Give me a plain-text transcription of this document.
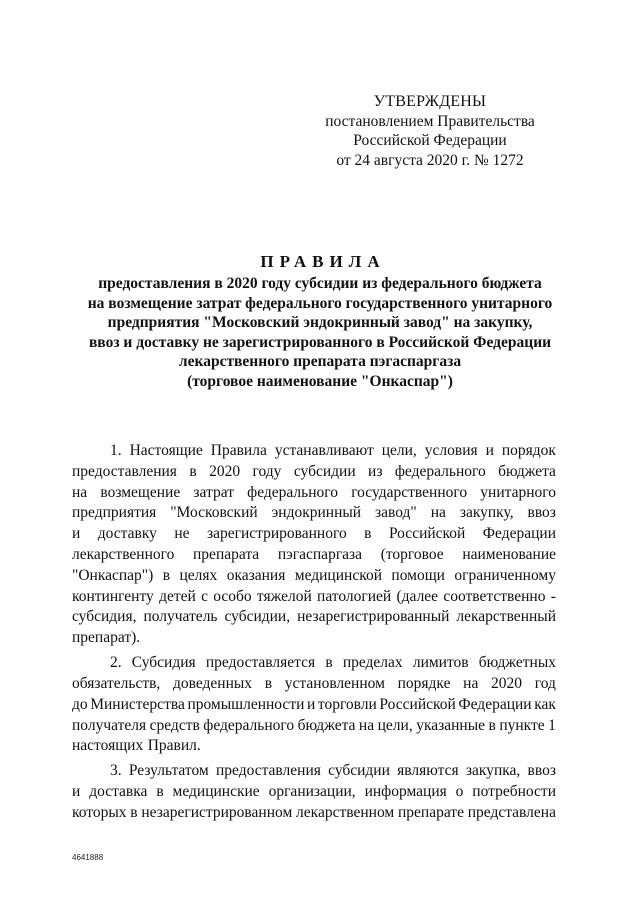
УТВЕРЖДЕНЫ
постановлением Правительства
Российской Федерации
от 24 августа 2020 г. № 1272
ПРАВИЛА
предоставления в 2020 году субсидии из федерального бюджета
на возмещение затрат федерального государственного унитарного
предприятия "Московский эндокринный завод" на закупку,
ввоз и доставку не зарегистрированного в Российской Федерации
лекарственного препарата пэгаспаргаза
(торговое наименование "Онкаспар")
1. Настоящие Правила устанавливают цели, условия и порядок
предоставления в 2020 году субсидии из федерального бюджета
на возмещение затрат федерального государственного унитарного
предприятия "Московский эндокринный завод" на закупку, ввоз
и доставку не зарегистрированного в Российской Федерации
лекарственного препарата пэгаспаргаза (торговое наименование
"Онкаспар") в целях оказания медицинской помощи ограниченному
контингенту детей с особо тяжелой патологией (далее соответственно -
субсидия, получатель субсидии, незарегистрированный лекарственный
препарат).
2. Субсидия предоставляется в пределах лимитов бюджетных
обязательств, доведенных в установленном порядке на 2020 год
до Министерства промышленности и торговли Российской Федерации как
получателя средств федерального бюджета на цели, указанные в пункте 1
настоящих Правил.
3. Результатом предоставления субсидии являются закупка, ввоз
и доставка в медицинские организации, информация о потребности
которых в незарегистрированном лекарственном препарате представлена
4641888
